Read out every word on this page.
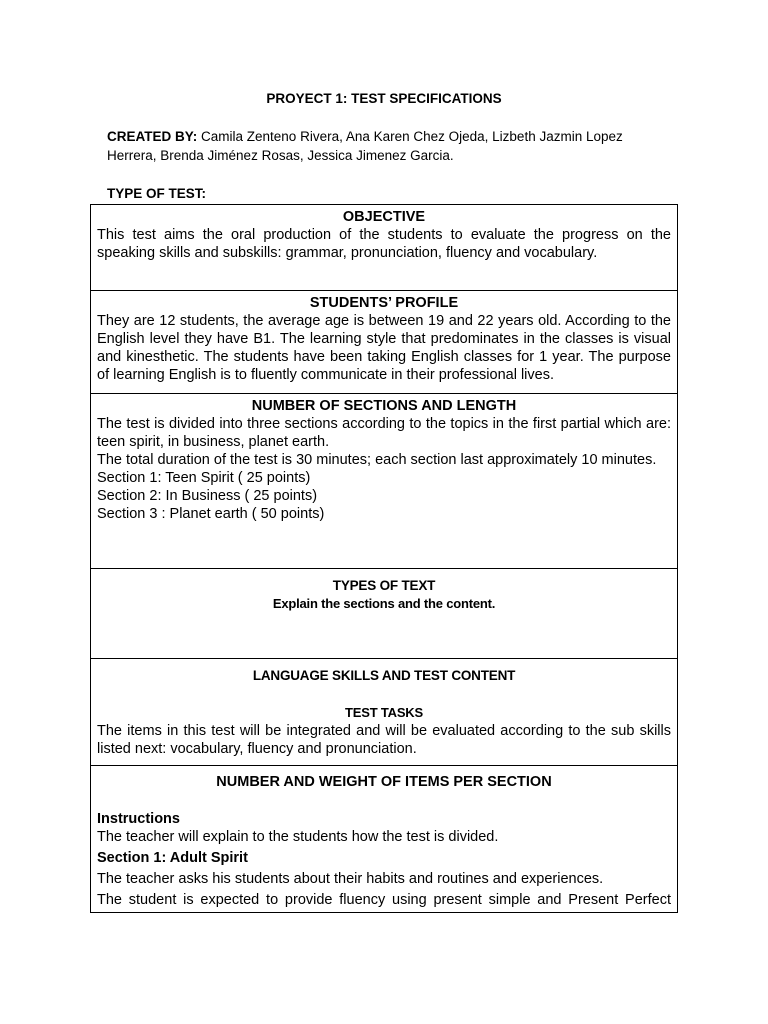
PROYECT 1: TEST SPECIFICATIONS
CREATED BY: Camila Zenteno Rivera, Ana Karen Chez Ojeda, Lizbeth Jazmin Lopez Herrera, Brenda Jiménez Rosas, Jessica Jimenez Garcia.
TYPE OF TEST:
OBJECTIVE

This test aims the oral production of the students to evaluate the progress on the speaking skills and subskills: grammar, pronunciation, fluency and vocabulary.

STUDENTS’ PROFILE

They are 12 students, the average age is between 19 and 22 years old. According to the English level they have B1. The learning style that predominates in the classes is visual and kinesthetic. The students have been taking English classes for 1 year. The purpose of learning English is to fluently communicate in their professional lives.

NUMBER OF SECTIONS AND LENGTH

The test is divided into three sections according to the topics in the first partial which are: teen spirit, in business, planet earth.

The total duration of the test is 30 minutes; each section last approximately 10 minutes.

Section 1: Teen Spirit ( 25 points)

Section 2: In Business ( 25 points)

Section 3 : Planet earth ( 50 points)

TYPES OF TEXT
Explain the sections and the content.
LANGUAGE SKILLS AND TEST CONTENT
TEST TASKS

The items in this test will be integrated and will be evaluated according to the sub skills listed next: vocabulary, fluency and pronunciation.

NUMBER AND WEIGHT OF ITEMS PER SECTION

Instructions

The teacher will explain to the students how the test is divided.

Section 1: Adult Spirit

The teacher asks his students about their habits and routines and experiences.

The student is expected to provide fluency using present simple and Present Perfect
